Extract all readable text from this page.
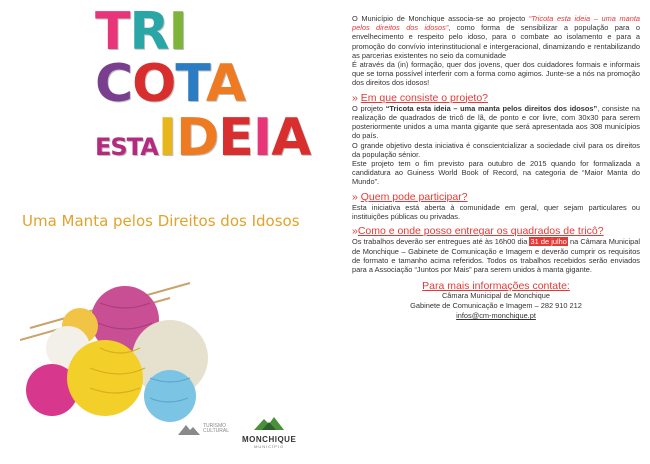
TRI
COTA
ESTAIDEIA
Uma Manta pelos Direitos dos Idosos
TURISMO
CULTURAL
MONCHIQUE
MUNICÍPIO

O Município de Monchique associa-se ao projecto “Tricota esta ideia – uma manta pelos direitos dos idosos”, como forma de sensibilizar a população para o envelhecimento e respeito pelo idoso, para o combate ao isolamento e para a promoção do convívio interinstitucional e intergeracional, dinamizando e rentabilizando as parcerias existentes no seio da comunidade

É através da (in) formação, quer dos jovens, quer dos cuidadores formais e informais que se torna possível interferir com a forma como agimos. Junte-se a nós na promoção dos direitos dos idosos!

» Em que consiste o projeto?

O projeto “Tricota esta ideia – uma manta pelos direitos dos idosos”, consiste na realização de quadrados de tricô de lã, de ponto e cor livre, com 30x30 para serem posteriormente unidos a uma manta gigante que será apresentada aos 308 municípios do país.

O grande objetivo desta iniciativa é conscientcializar a sociedade civil para os direitos da população sénior.

Este projeto tem o fim previsto para outubro de 2015 quando for formalizada a candidatura ao Guiness World Book of Record, na categoria de “Maior Manta do Mundo”.

» Quem pode participar?

Esta iniciativa está aberta à comunidade em geral, quer sejam particulares ou instituições públicas ou privadas.

»Como e onde posso entregar os quadrados de tricô?

Os trabalhos deverão ser entregues até às 16h00 dia 31 de julho na Câmara Municipal de Monchique – Gabinete de Comunicação e Imagem e deverão cumprir os requisitos de formato e tamanho acima referidos. Todos os trabalhos recebidos serão enviados para a Associação “Juntos por Mais” para serem unidos à manta gigante.

Para mais informações contate:
Câmara Municipal de Monchique
Gabinete de Comunicação e Imagem – 282 910 212
infos@cm-monchique.pt
